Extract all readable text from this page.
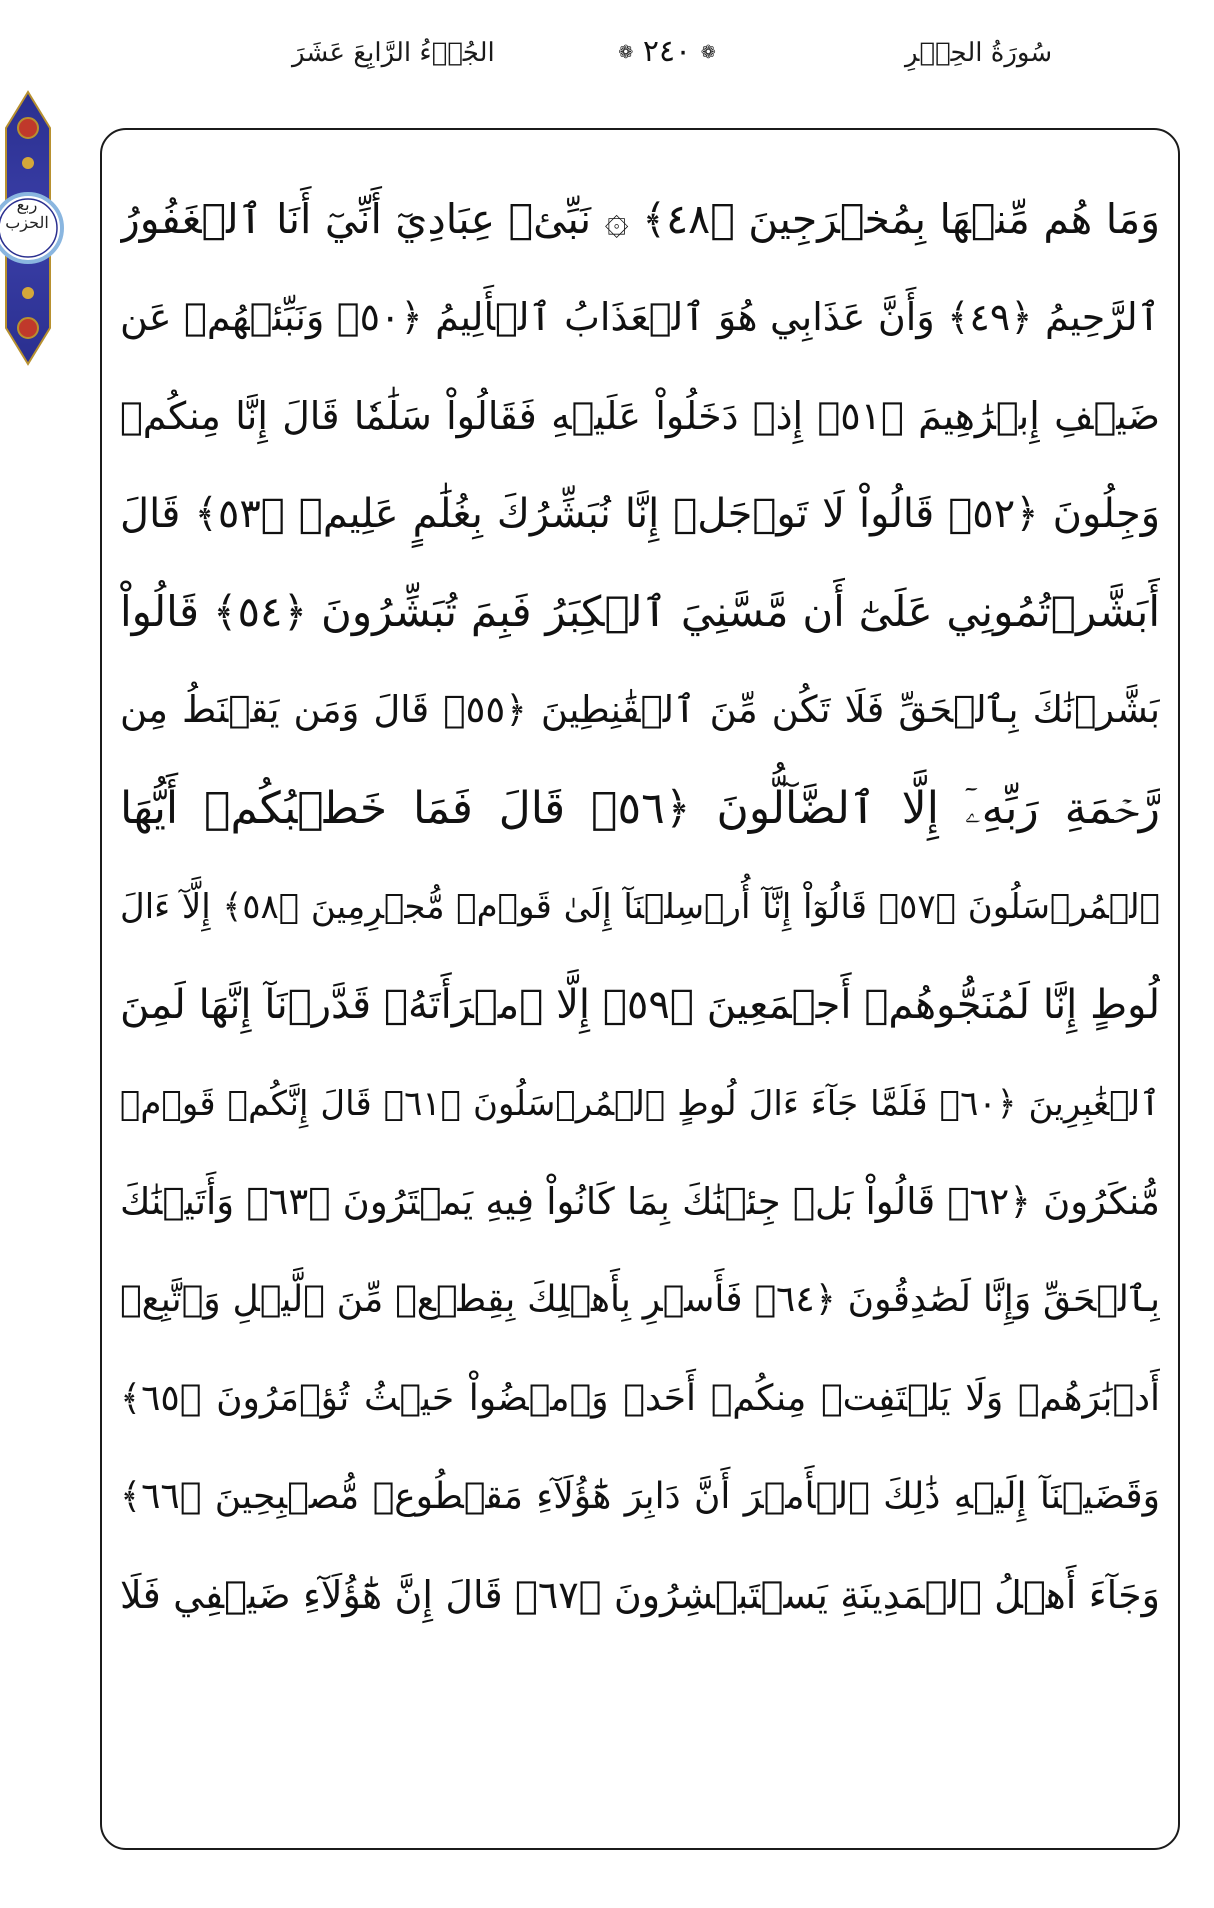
سُورَةُ الحِجۡرِ
❁ ٢٤٠ ❁
الجُزۡءُ الرَّابِعَ عَشَرَ
ربع الحزب وَمَا هُم مِّنۡهَا بِمُخۡرَجِينَ ﴿٤٨﴾ ۞ نَبِّئۡ عِبَادِيٓ أَنِّيٓ أَنَا ٱلۡغَفُورُ
ٱلرَّحِيمُ ﴿٤٩﴾ وَأَنَّ عَذَابِي هُوَ ٱلۡعَذَابُ ٱلۡأَلِيمُ ﴿٥٠﴾ وَنَبِّئۡهُمۡ عَن
ضَيۡفِ إِبۡرَٰهِيمَ ﴿٥١﴾ إِذۡ دَخَلُواْ عَلَيۡهِ فَقَالُواْ سَلَٰمٗا قَالَ إِنَّا مِنكُمۡ
وَجِلُونَ ﴿٥٢﴾ قَالُواْ لَا تَوۡجَلۡ إِنَّا نُبَشِّرُكَ بِغُلَٰمٍ عَلِيمٖ ﴿٥٣﴾ قَالَ
أَبَشَّرۡتُمُونِي عَلَىٰٓ أَن مَّسَّنِيَ ٱلۡكِبَرُ فَبِمَ تُبَشِّرُونَ ﴿٥٤﴾ قَالُواْ
بَشَّرۡنَٰكَ بِٱلۡحَقِّ فَلَا تَكُن مِّنَ ٱلۡقَٰنِطِينَ ﴿٥٥﴾ قَالَ وَمَن يَقۡنَطُ مِن
رَّحۡمَةِ رَبِّهِۦٓ إِلَّا ٱلضَّآلُّونَ ﴿٥٦﴾ قَالَ فَمَا خَطۡبُكُمۡ أَيُّهَا
ٱلۡمُرۡسَلُونَ ﴿٥٧﴾ قَالُوٓاْ إِنَّآ أُرۡسِلۡنَآ إِلَىٰ قَوۡمٖ مُّجۡرِمِينَ ﴿٥٨﴾ إِلَّآ ءَالَ
لُوطٍ إِنَّا لَمُنَجُّوهُمۡ أَجۡمَعِينَ ﴿٥٩﴾ إِلَّا ٱمۡرَأَتَهُۥ قَدَّرۡنَآ إِنَّهَا لَمِنَ
ٱلۡغَٰبِرِينَ ﴿٦٠﴾ فَلَمَّا جَآءَ ءَالَ لُوطٍ ٱلۡمُرۡسَلُونَ ﴿٦١﴾ قَالَ إِنَّكُمۡ قَوۡمٞ
مُّنكَرُونَ ﴿٦٢﴾ قَالُواْ بَلۡ جِئۡنَٰكَ بِمَا كَانُواْ فِيهِ يَمۡتَرُونَ ﴿٦٣﴾ وَأَتَيۡنَٰكَ
بِٱلۡحَقِّ وَإِنَّا لَصَٰدِقُونَ ﴿٦٤﴾ فَأَسۡرِ بِأَهۡلِكَ بِقِطۡعٖ مِّنَ ٱلَّيۡلِ وَٱتَّبِعۡ
أَدۡبَٰرَهُمۡ وَلَا يَلۡتَفِتۡ مِنكُمۡ أَحَدٞ وَٱمۡضُواْ حَيۡثُ تُؤۡمَرُونَ ﴿٦٥﴾
وَقَضَيۡنَآ إِلَيۡهِ ذَٰلِكَ ٱلۡأَمۡرَ أَنَّ دَابِرَ هَٰٓؤُلَآءِ مَقۡطُوعٞ مُّصۡبِحِينَ ﴿٦٦﴾
وَجَآءَ أَهۡلُ ٱلۡمَدِينَةِ يَسۡتَبۡشِرُونَ ﴿٦٧﴾ قَالَ إِنَّ هَٰٓؤُلَآءِ ضَيۡفِي فَلَا
